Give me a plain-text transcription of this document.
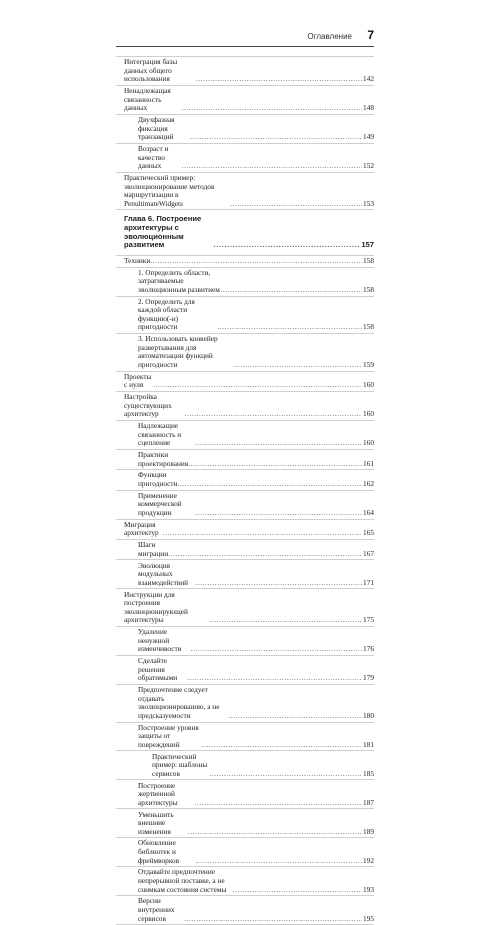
Оглавление 7
Интеграция базы данных общего использования .....	142
Ненадлежащая связанность данных .....	148
Двухфазная фиксация транзакций .....	149
Возраст и качество данных .....	152
Практический пример: эволюционирование методов маршрутизации в PenultimateWidgets .....	153
Глава 6. Построение архитектуры с эволюционным развитием .....	157
Техники .....	158
1. Определить области, затрагиваемые эволюционным развитием .....	158
2. Определить для каждой области функцию(-и) пригодности .....	158
3. Использовать конвейер развертывания для автоматизации функций пригодности .....	159
Проекты с нуля .....	160
Настройка существующих архитектур .....	160
Надлежащие связанность и сцепление .....	160
Практики проектирования .....	161
Функции пригодности .....	162
Применение коммерческой продукции .....	164
Миграция архитектур .....	165
Шаги миграции .....	167
Эволюция модульных взаимодействий .....	171
Инструкции для построения эволюционирующей архитектуры .....	175
Удаление ненужной изменчивости .....	176
Сделайте решения обратимыми .....	179
Предпочтение следует отдавать эволюционированию, а не предсказуемости .....	180
Построение уровня защиты от повреждений .....	181
Практический пример: шаблоны сервисов .....	185
Построение жертвенной архитектуры .....	187
Уменьшить внешние изменения .....	189
Обновление библиотек и фреймворков .....	192
Отдавайте предпочтение непрерывной поставке, а не снимкам состояния системы .....	193
Версии внутренних сервисов .....	195
